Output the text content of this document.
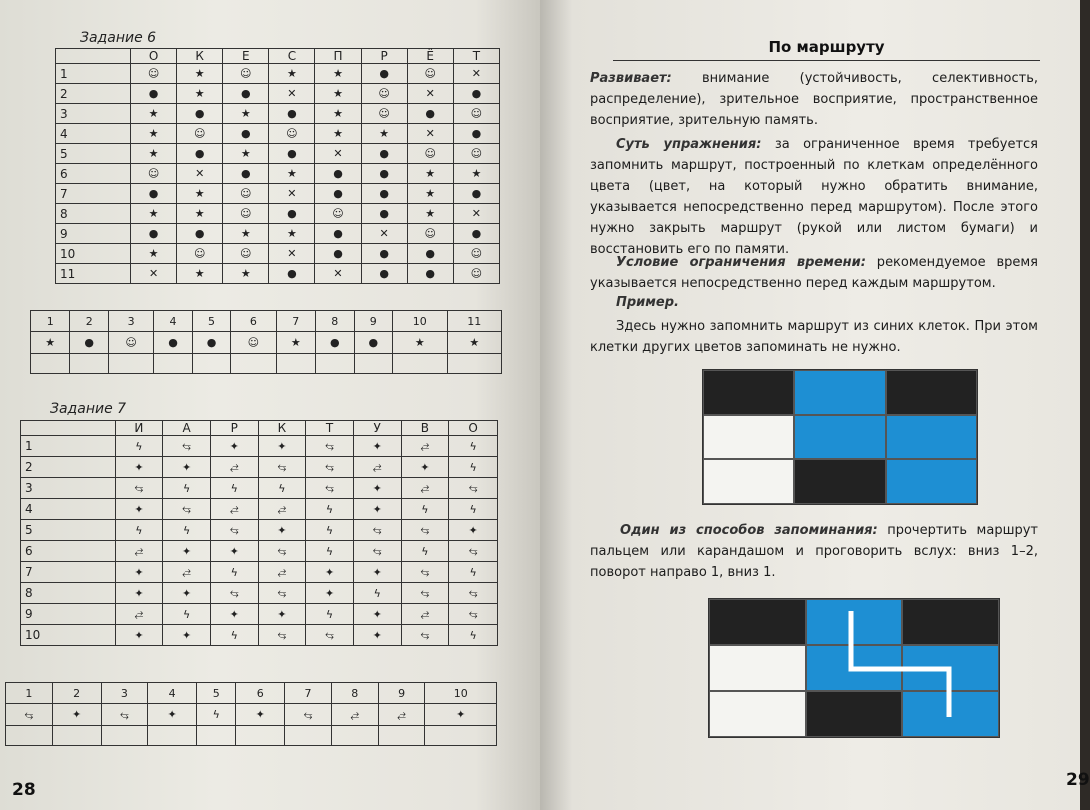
Задание 6
	О	К	Е	С	П	Р	Ё	Т
1	☺	★	☺	★	★	●	☺	✕
2	●	★	●	✕	★	☺	✕	●
3	★	●	★	●	★	☺	●	☺
4	★	☺	●	☺	★	★	✕	●
5	★	●	★	●	✕	●	☺	☺
6	☺	✕	●	★	●	●	★	★
7	●	★	☺	✕	●	●	★	●
8	★	★	☺	●	☺	●	★	✕
9	●	●	★	★	●	✕	☺	●
10	★	☺	☺	✕	●	●	●	☺
11	✕	★	★	●	✕	●	●	☺
1	2	3	4	5	6	7	8	9	10	11
★	●	☺	●	●	☺	★	●	●	★	★

Задание 7
	И	А	Р	К	Т	У	В	О
1	ϟ	⥃	✦	✦	⥃	✦	⥄	ϟ
2	✦	✦	⥄	⥃	⥃	⥄	✦	ϟ
3	⥃	ϟ	ϟ	ϟ	⥃	✦	⥄	⥃
4	✦	⥃	⥄	⥄	ϟ	✦	ϟ	ϟ
5	ϟ	ϟ	⥃	✦	ϟ	⥃	⥃	✦
6	⥄	✦	✦	⥃	ϟ	⥃	ϟ	⥃
7	✦	⥄	ϟ	⥄	✦	✦	⥃	ϟ
8	✦	✦	⥃	⥃	✦	ϟ	⥃	⥃
9	⥄	ϟ	✦	✦	ϟ	✦	⥄	⥃
10	✦	✦	ϟ	⥃	⥃	✦	⥃	ϟ
1	2	3	4	5	6	7	8	9	10
⥃	✦	⥃	✦	ϟ	✦	⥃	⥄	⥄	✦

28
По маршруту
Развивает: внимание (устойчивость, селективность, распределение), зрительное восприятие, пространственное восприятие, зрительную память.
Суть упражнения: за ограниченное время требуется запомнить маршрут, построенный по клеткам определённого цвета (цвет, на который нужно обратить внимание, указывается непосредственно перед маршрутом). После этого нужно закрыть маршрут (рукой или листом бумаги) и восстановить его по памяти.
Условие ограничения времени: рекомендуемое время указывается непосредственно перед каждым маршрутом.
Пример.
Здесь нужно запомнить маршрут из синих клеток. При этом клетки других цветов запоминать не нужно.
Один из способов запоминания: прочертить маршрут пальцем или карандашом и проговорить вслух: вниз 1–2, поворот направо 1, вниз 1.
29
